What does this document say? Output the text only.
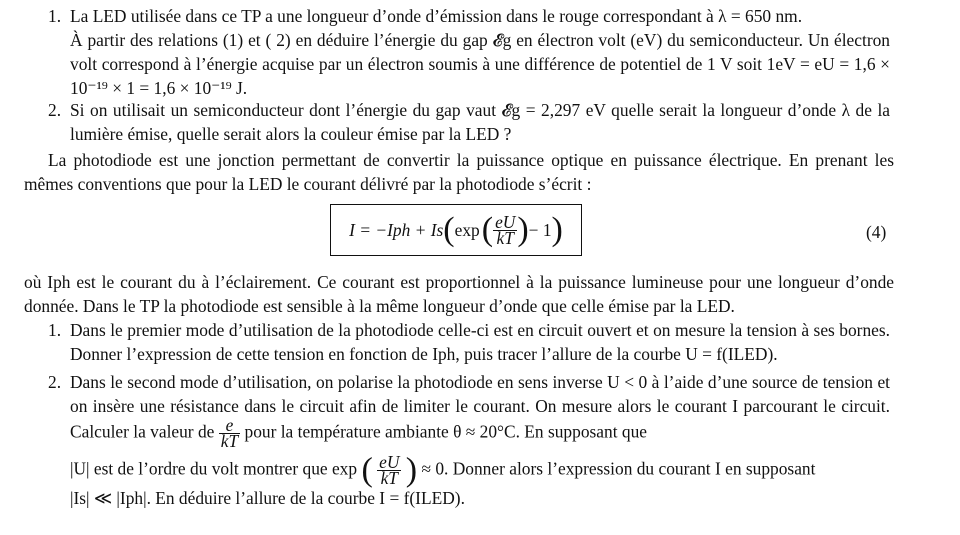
1. La LED utilisée dans ce TP a une longueur d’onde d’émission dans le rouge correspondant à λ = 650 nm.
À partir des relations (1) et ( 2) en déduire l’énergie du gap 𝓔g en électron volt (eV) du semiconducteur. Un électron volt correspond à l’énergie acquise par un électron soumis à une différence de potentiel de 1 V soit 1eV = eU = 1,6 × 10⁻¹⁹ × 1 = 1,6 × 10⁻¹⁹ J.
2. Si on utilisait un semiconducteur dont l’énergie du gap vaut 𝓔g = 2,297 eV quelle serait la longueur d’onde λ de la lumière émise, quelle serait alors la couleur émise par la LED ?
La photodiode est une jonction permettant de convertir la puissance optique en puissance électrique. En prenant les mêmes conventions que pour la LED le courant délivré par la photodiode s’écrit :
I = −Iph + Is ( exp ( $\frac{eU}{kT}$ ) − 1 )	(4)
où Iph est le courant du à l’éclairement. Ce courant est proportionnel à la puissance lumineuse pour une longueur d’onde donnée. Dans le TP la photodiode est sensible à la même longueur d’onde que celle émise par la LED.
1. Dans le premier mode d’utilisation de la photodiode celle-ci est en circuit ouvert et on mesure la tension à ses bornes. Donner l’expression de cette tension en fonction de Iph, puis tracer l’allure de la courbe U = f(ILED).
2. Dans le second mode d’utilisation, on polarise la photodiode en sens inverse U < 0 à l’aide d’une source de tension et on insère une résistance dans le circuit afin de limiter le courant. On mesure alors le courant I parcourant le circuit. Calculer la valeur de $\frac{e}{kT}$ pour la température ambiante θ ≈ 20°C. En supposant que
|U| est de l’ordre du volt montrer que exp ( $\frac{eU}{kT}$ ) ≈ 0. Donner alors l’expression du courant I en supposant
|Is| ≪ |Iph|. En déduire l’allure de la courbe I = f(ILED).
